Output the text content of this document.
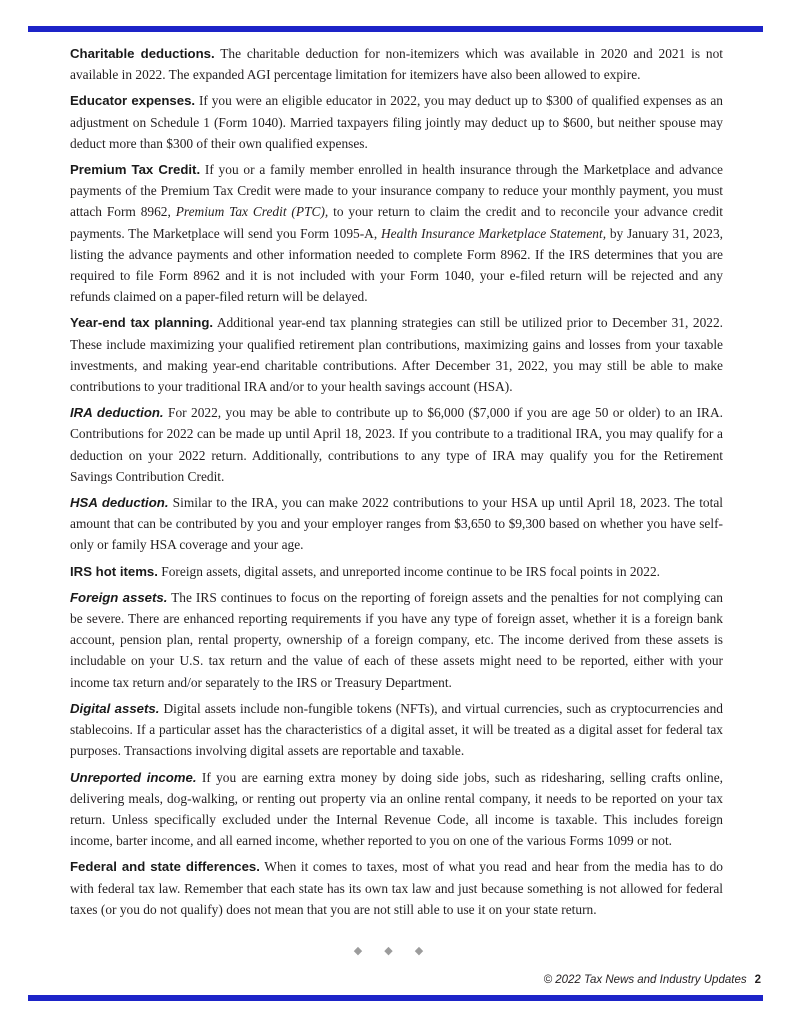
Charitable deductions. The charitable deduction for non-itemizers which was available in 2020 and 2021 is not available in 2022. The expanded AGI percentage limitation for itemizers have also been allowed to expire.

Educator expenses. If you were an eligible educator in 2022, you may deduct up to $300 of qualified expenses as an adjustment on Schedule 1 (Form 1040). Married taxpayers filing jointly may deduct up to $600, but neither spouse may deduct more than $300 of their own qualified expenses.

Premium Tax Credit. If you or a family member enrolled in health insurance through the Marketplace and advance payments of the Premium Tax Credit were made to your insurance company to reduce your monthly payment, you must attach Form 8962, Premium Tax Credit (PTC), to your return to claim the credit and to reconcile your advance credit payments. The Marketplace will send you Form 1095-A, Health Insurance Marketplace Statement, by January 31, 2023, listing the advance payments and other information needed to complete Form 8962. If the IRS determines that you are required to file Form 8962 and it is not included with your Form 1040, your e-filed return will be rejected and any refunds claimed on a paper-filed return will be delayed.

Year-end tax planning. Additional year-end tax planning strategies can still be utilized prior to December 31, 2022. These include maximizing your qualified retirement plan contributions, maximizing gains and losses from your taxable investments, and making year-end charitable contributions. After December 31, 2022, you may still be able to make contributions to your traditional IRA and/or to your health savings account (HSA).

IRA deduction. For 2022, you may be able to contribute up to $6,000 ($7,000 if you are age 50 or older) to an IRA. Contributions for 2022 can be made up until April 18, 2023. If you contribute to a traditional IRA, you may qualify for a deduction on your 2022 return. Additionally, contributions to any type of IRA may qualify you for the Retirement Savings Contribution Credit.

HSA deduction. Similar to the IRA, you can make 2022 contributions to your HSA up until April 18, 2023. The total amount that can be contributed by you and your employer ranges from $3,650 to $9,300 based on whether you have self-only or family HSA coverage and your age.

IRS hot items. Foreign assets, digital assets, and unreported income continue to be IRS focal points in 2022.

Foreign assets. The IRS continues to focus on the reporting of foreign assets and the penalties for not complying can be severe. There are enhanced reporting requirements if you have any type of foreign asset, whether it is a foreign bank account, pension plan, rental property, ownership of a foreign company, etc. The income derived from these assets is includable on your U.S. tax return and the value of each of these assets might need to be reported, either with your income tax return and/or separately to the IRS or Treasury Department.

Digital assets. Digital assets include non-fungible tokens (NFTs), and virtual currencies, such as cryptocurrencies and stablecoins. If a particular asset has the characteristics of a digital asset, it will be treated as a digital asset for federal tax purposes. Transactions involving digital assets are reportable and taxable.

Unreported income. If you are earning extra money by doing side jobs, such as ridesharing, selling crafts online, delivering meals, dog-walking, or renting out property via an online rental company, it needs to be reported on your tax return. Unless specifically excluded under the Internal Revenue Code, all income is taxable. This includes foreign income, barter income, and all earned income, whether reported to you on one of the various Forms 1099 or not.

Federal and state differences. When it comes to taxes, most of what you read and hear from the media has to do with federal tax law. Remember that each state has its own tax law and just because something is not allowed for federal taxes (or you do not qualify) does not mean that you are not still able to use it on your state return.

◆ ◆ ◆
© 2022 Tax News and Industry Updates 2
